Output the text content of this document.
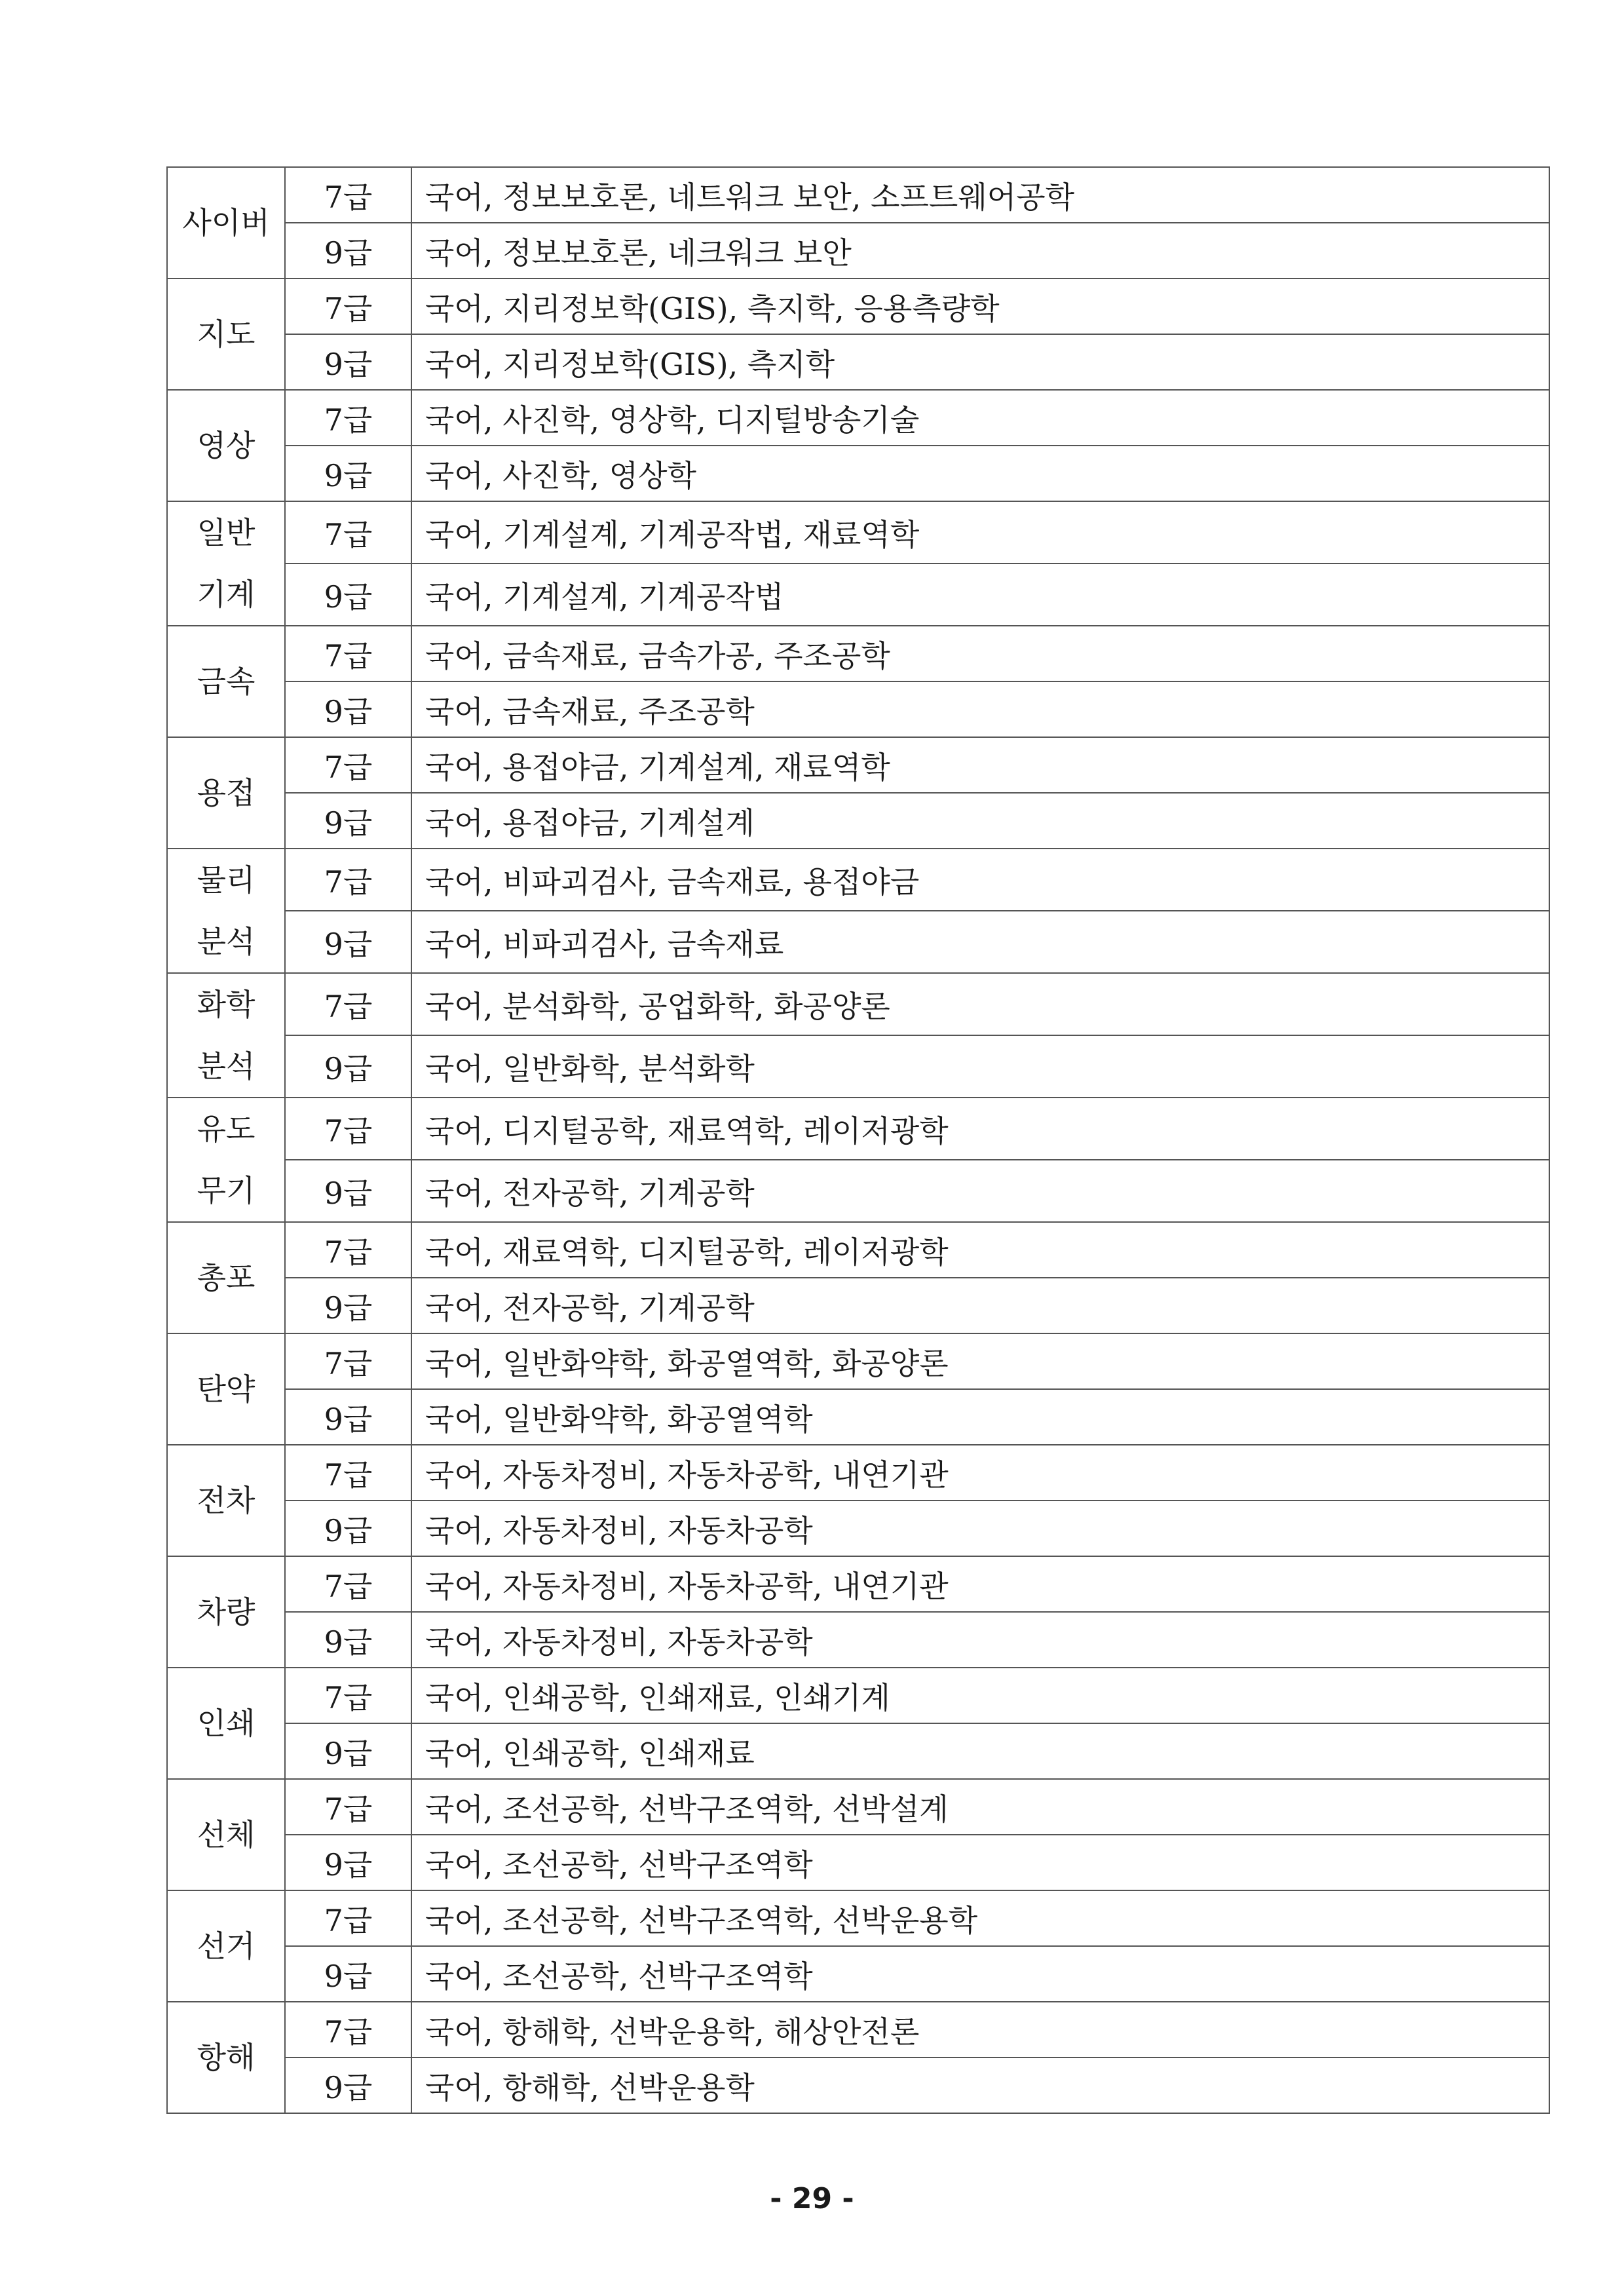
사이버	7급	국어, 정보보호론, 네트워크 보안, 소프트웨어공학
	9급	국어, 정보보호론, 네크워크 보안

지도	7급	국어, 지리정보학(GIS), 측지학, 응용측량학
	9급	국어, 지리정보학(GIS), 측지학

영상	7급	국어, 사진학, 영상학, 디지털방송기술
	9급	국어, 사진학, 영상학

일반
기계	7급	국어, 기계설계, 기계공작법, 재료역학
	9급	국어, 기계설계, 기계공작법

금속	7급	국어, 금속재료, 금속가공, 주조공학
	9급	국어, 금속재료, 주조공학

용접	7급	국어, 용접야금, 기계설계, 재료역학
	9급	국어, 용접야금, 기계설계

물리
분석	7급	국어, 비파괴검사, 금속재료, 용접야금
	9급	국어, 비파괴검사, 금속재료

화학
분석	7급	국어, 분석화학, 공업화학, 화공양론
	9급	국어, 일반화학, 분석화학

유도
무기	7급	국어, 디지털공학, 재료역학, 레이저광학
	9급	국어, 전자공학, 기계공학

총포	7급	국어, 재료역학, 디지털공학, 레이저광학
	9급	국어, 전자공학, 기계공학

탄약	7급	국어, 일반화약학, 화공열역학, 화공양론
	9급	국어, 일반화약학, 화공열역학

전차	7급	국어, 자동차정비, 자동차공학, 내연기관
	9급	국어, 자동차정비, 자동차공학

차량	7급	국어, 자동차정비, 자동차공학, 내연기관
	9급	국어, 자동차정비, 자동차공학

인쇄	7급	국어, 인쇄공학, 인쇄재료, 인쇄기계
	9급	국어, 인쇄공학, 인쇄재료

선체	7급	국어, 조선공학, 선박구조역학, 선박설계
	9급	국어, 조선공학, 선박구조역학

선거	7급	국어, 조선공학, 선박구조역학, 선박운용학
	9급	국어, 조선공학, 선박구조역학

항해	7급	국어, 항해학, 선박운용학, 해상안전론
	9급	국어, 항해학, 선박운용학
- 29 -
